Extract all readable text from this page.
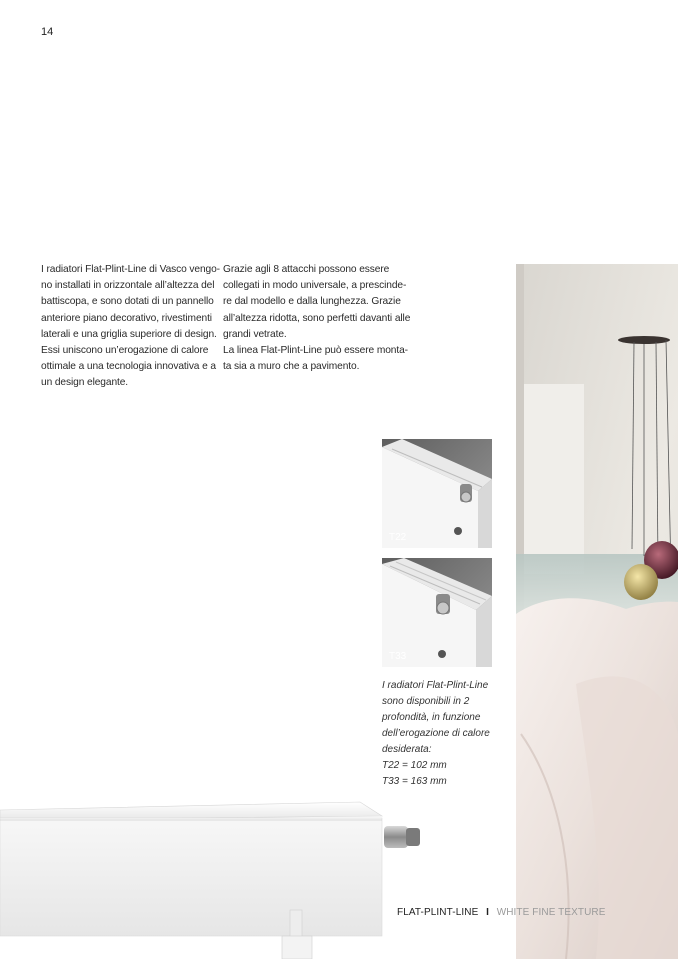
14
I radiatori Flat-Plint-Line di Vasco vengo-
no installati in orizzontale all’altezza del
battiscopa, e sono dotati di un pannello
anteriore piano decorativo, rivestimenti
laterali e una griglia superiore di design.
Essi uniscono un’erogazione di calore
ottimale a una tecnologia innovativa e a
un design elegante.
Grazie agli 8 attacchi possono essere
collegati in modo universale, a prescinde-
re dal modello e dalla lunghezza. Grazie
all’altezza ridotta, sono perfetti davanti alle
grandi vetrate.
La linea Flat-Plint-Line può essere monta-
ta sia a muro che a pavimento.
T22
T33
I radiatori Flat-Plint-Line
sono disponibili in 2
profondità, in funzione
dell’erogazione di calore
desiderata:
T22 = 102 mm
T33 = 163 mm
FLAT-PLINT-LINE I WHITE FINE TEXTURE
